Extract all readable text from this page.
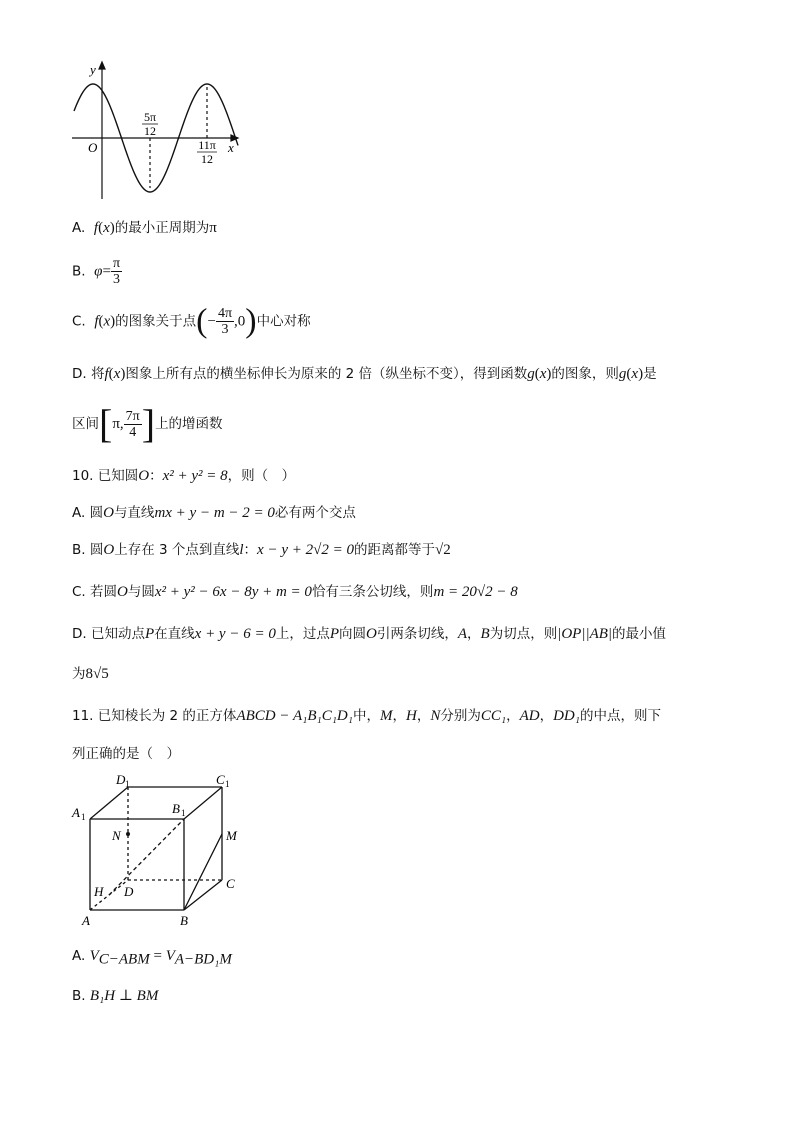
y
x
O
5π
12
11π
12
A. f(x)的最小正周期为π
B. $\varphi= \frac{\pi}{3}$
C. f(x)的图象关于点(− $\frac{4\pi}{3} ,0$)中心对称
D. 将f(x)图象上所有点的横坐标伸长为原来的 2 倍（纵坐标不变），得到函数g(x)的图象，则g(x)是
区间[π, $\frac{7\pi}{4}$ ]上的增函数
10. 已知圆O：x² + y² = 8，则（　）
A. 圆O与直线mx + y − m − 2 = 0必有两个交点
B. 圆O上存在 3 个点到直线l：x − y + 2√2 = 0的距离都等于√2
C. 若圆O与圆x² + y² − 6x − 8y + m = 0恰有三条公切线，则m = 20√2 − 8
D. 已知动点P在直线x + y − 6 = 0上，过点P向圆O引两条切线，A，B为切点，则|OP||AB|的最小值
为8√5
11. 已知棱长为 2 的正方体ABCD − A₁B₁C₁D₁中，M，H，N分别为CC₁，AD，DD₁的中点，则下
列正确的是（　）
D 1	C 1
A 1
B 1
N	M
C
H D
A	B
A. $V_{C-ABM} = V_{A-BD_1M}$
B. B₁H ⊥ BM
